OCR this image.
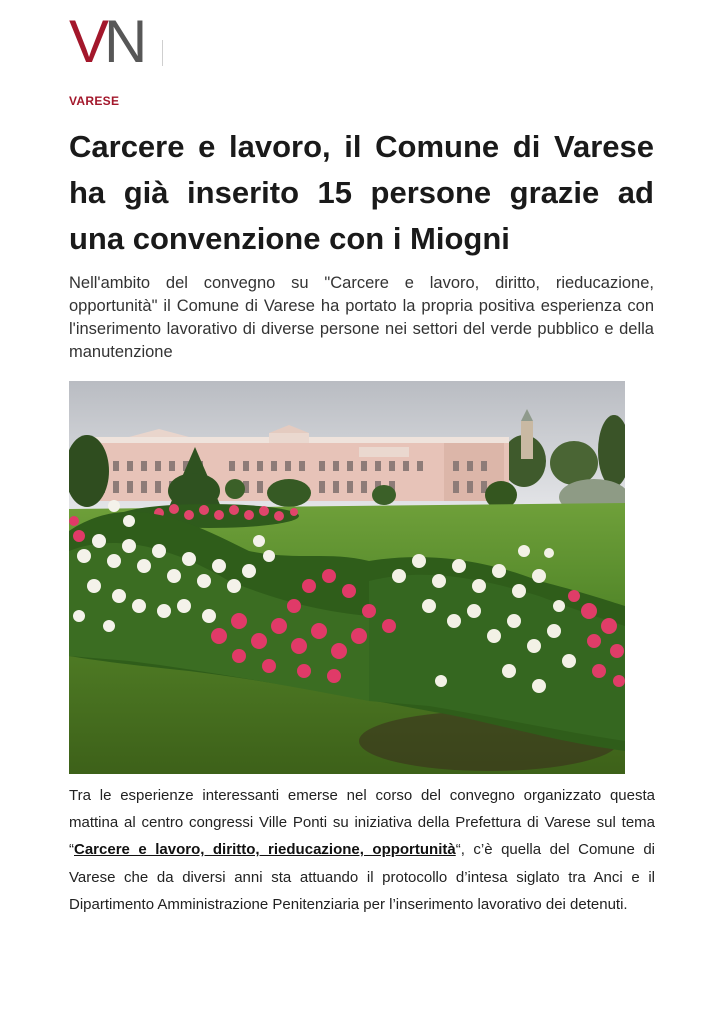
V N
VARESE
Carcere e lavoro, il Comune di Varese ha già inserito 15 persone grazie ad una convenzione con i Miogni

Nell'ambito del convegno su "Carcere e lavoro, diritto, rieducazione, opportunità" il Comune di Varese ha portato la propria positiva esperienza con l'inserimento lavorativo di diverse persone nei settori del verde pubblico e della manutenzione

Tra le esperienze interessanti emerse nel corso del convegno organizzato questa mattina al centro congressi Ville Ponti su iniziativa della Prefettura di Varese sul tema “Carcere e lavoro, diritto, rieducazione, opportunità“, c’è quella del Comune di Varese che da diversi anni sta attuando il protocollo d’intesa siglato tra Anci e il Dipartimento Amministrazione Penitenziaria per l’inserimento lavorativo dei detenuti.
